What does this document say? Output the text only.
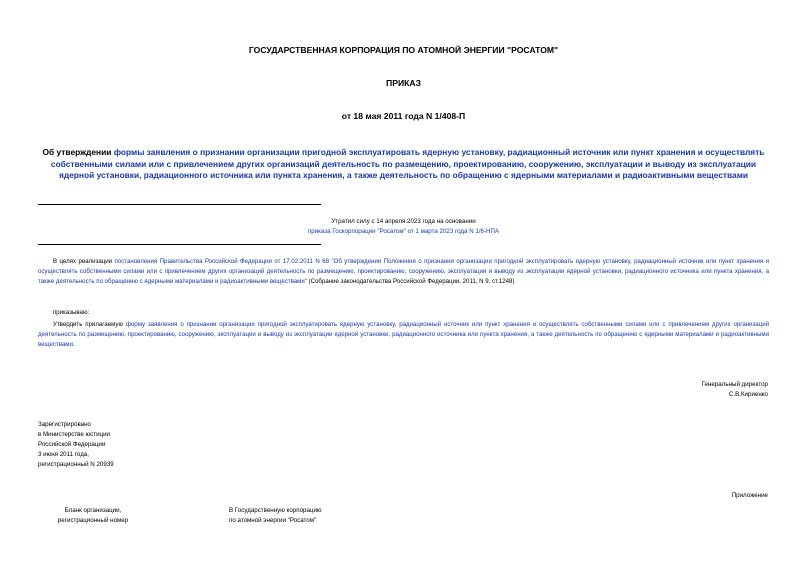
ГОСУДАРСТВЕННАЯ КОРПОРАЦИЯ ПО АТОМНОЙ ЭНЕРГИИ "РОСАТОМ"
ПРИКАЗ
от 18 мая 2011 года N 1/408-П
Об утверждении формы заявления о признании организации пригодной эксплуатировать ядерную установку, радиационный источник или пункт хранения и осуществлять собственными силами или с привлечением других организаций деятельность по размещению, проектированию, сооружению, эксплуатации и выводу из эксплуатации ядерной установки, радиационного источника или пункта хранения, а также деятельность по обращению с ядерными материалами и радиоактивными веществами
Утратил силу с 14 апреля 2023 года на основании
приказа Госкорпорации "Росатом" от 1 марта 2023 года N 1/6-НПА
В целях реализации постановления Правительства Российской Федерации от 17.02.2011 N 88 "Об утверждении Положения о признании организации пригодной эксплуатировать ядерную установку, радиационный источник или пункт хранения и осуществлять собственными силами или с привлечением других организаций деятельность по размещению, проектированию, сооружению, эксплуатации и выводу из эксплуатации ядерной установки, радиационного источника или пункта хранения, а также деятельность по обращению с ядерными материалами и радиоактивными веществами" (Собрание законодательства Российской Федерации, 2011, N 9, ст.1248)
приказываю:
Утвердить прилагаемую форму заявления о признании организации пригодной эксплуатировать ядерную установку, радиационный источник или пункт хранения и осуществлять собственными силами или с привлечением других организаций деятельность по размещению, проектированию, сооружению, эксплуатации и выводу из эксплуатации ядерной установки, радиационного источника или пункта хранения, а также деятельность по обращению с ядерными материалами и радиоактивными веществами.
Генеральный директор
С.В.Кириенко
Зарегистрировано
в Министерстве юстиции
Российской Федерации
3 июня 2011 года,
регистрационный N 20939
Приложение
Бланк организации,
регистрационный номер
В Государственную корпорацию
по атомной энергии "Росатом"
